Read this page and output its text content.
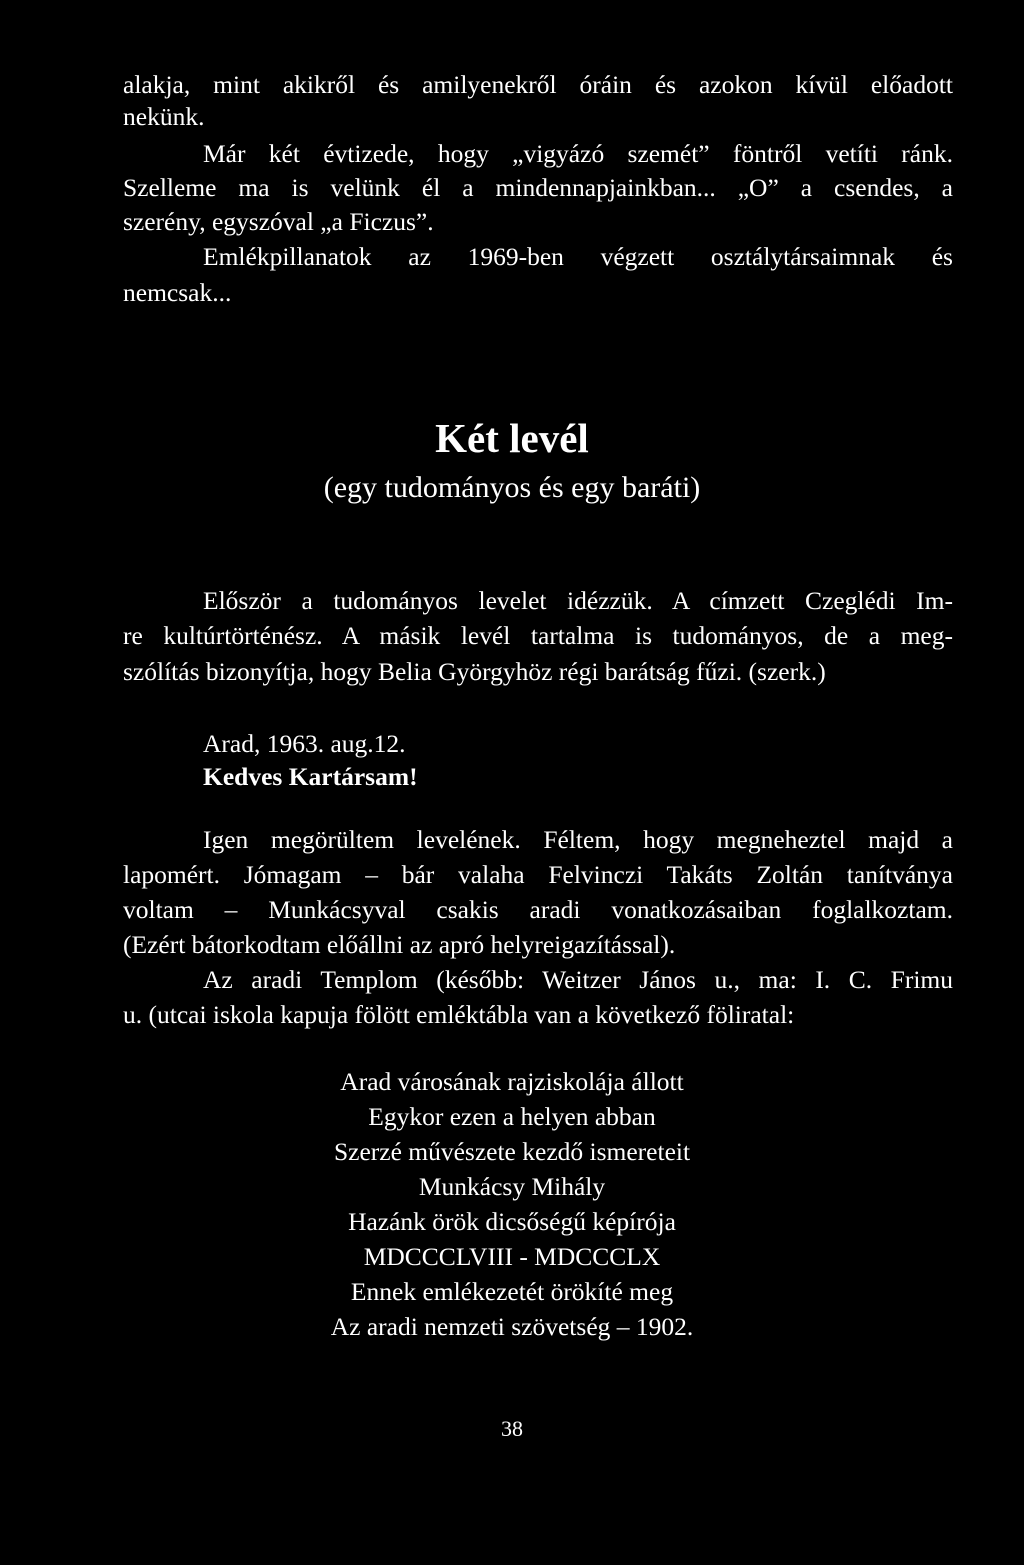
alakja, mint akikről és amilyenekről óráin és azokon kívül előadott
nekünk.
Már két évtizede, hogy „vigyázó szemét” föntről vetíti ránk.
Szelleme ma is velünk él a mindennapjainkban... „O” a csendes, a
szerény, egyszóval „a Ficzus”.
Emlékpillanatok az 1969-ben végzett osztálytársaimnak és
nemcsak...
Két levél
(egy tudományos és egy baráti)
Először a tudományos levelet idézzük. A címzett Czeglédi Im-
re kultúrtörténész. A másik levél tartalma is tudományos, de a meg-
szólítás bizonyítja, hogy Belia Györgyhöz régi barátság fűzi. (szerk.)
Arad, 1963. aug.12.
Kedves Kartársam!
Igen megörültem levelének. Féltem, hogy megneheztel majd a
lapomért. Jómagam – bár valaha Felvinczi Takáts Zoltán tanítványa
voltam – Munkácsyval csakis aradi vonatkozásaiban foglalkoztam.
(Ezért bátorkodtam előállni az apró helyreigazítással).
Az aradi Templom (később: Weitzer János u., ma: I. C. Frimu
u. (utcai iskola kapuja fölött emléktábla van a következő föliratal:
Arad városának rajziskolája állott
Egykor ezen a helyen abban
Szerzé művészete kezdő ismereteit
Munkácsy Mihály
Hazánk örök dicsőségű képírója
MDCCCLVIII - MDCCCLX
Ennek emlékezetét örökíté meg
Az aradi nemzeti szövetség – 1902.
38
